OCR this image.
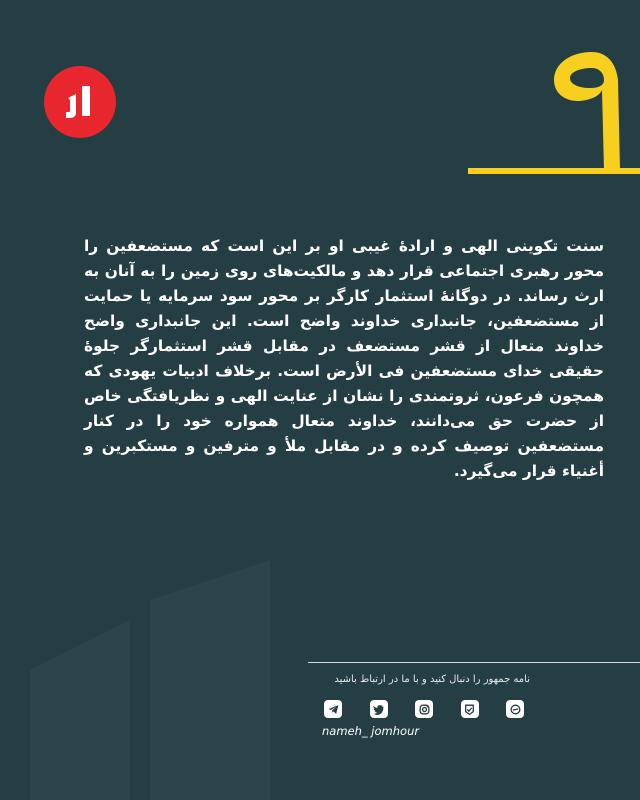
سنت تکوینی الهی و ارادهٔ غیبی او بر این است که مستضعفین را محور رهبری اجتماعی قرار دهد و مالکیت‌های روی زمین را به آنان به ارث رساند. در دوگانهٔ استثمار کارگر بر محور سود سرمایه یا حمایت از مستضعفین، جانبداری خداوند واضح است. این جانبداری واضح خداوند متعال از قشر مستضعف در مقابل قشر استثمارگر جلوهٔ حقیقی خدای مستضعفین فی الأرض است. برخلاف ادبیات یهودی که همچون فرعون، ثروتمندی را نشان از عنایت الهی و نظریافتگی خاص از حضرت حق می‌دانند، خداوند متعال همواره خود را در کنار مستضعفین توصیف کرده و در مقابل ملأ و مترفین و مستکبرین و أغنیاء قرار می‌گیرد.
نامه جمهور را دنبال کنید و با ما در ارتباط باشید
nameh_ jomhour
